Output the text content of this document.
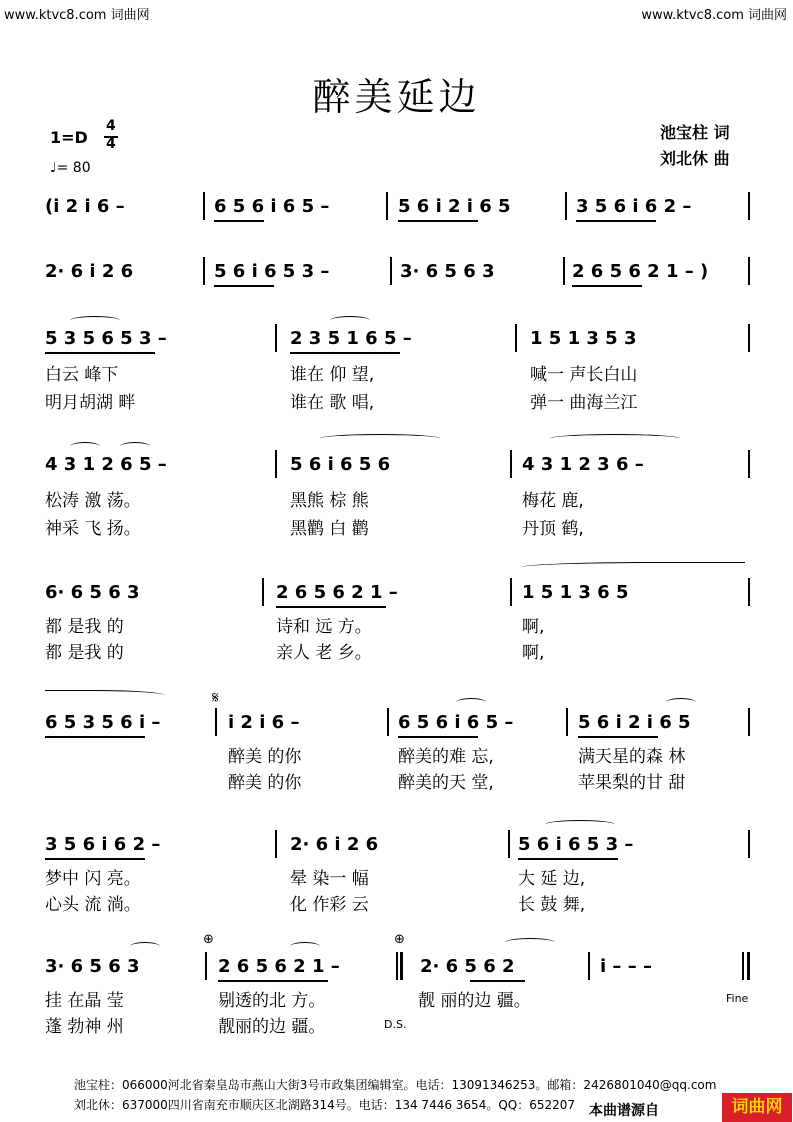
www.ktvc8.com 词曲网	www.ktvc8.com 词曲网
醉美延边
池宝柱 词
刘北休 曲
1=D
4
4
♩= 80
(i 2 i 6 –	6 5 6 i 6 5 –	5 6 i 2 i 6 5	3 5 6 i 6 2 –
2· 6 i 2 6	5 6 i 6 5 3 –	3· 6 5 6 3	2 6 5 6 2 1 – )
5 3 5 6 5 3 –	2 3 5 1 6 5 –	1 5 1 3 5 3
白云 峰下	谁在 仰 望,	喊一 声长白山
明月胡湖 畔	谁在 歌 唱,	弹一 曲海兰江
4 3 1 2 6 5 –	5 6 i 6 5 6	4 3 1 2 3 6 –
松涛 激 荡。	黑熊 棕 熊	梅花 鹿,
神采 飞 扬。	黑鹳 白 鹳	丹顶 鹤,
6· 6 5 6 3	2 6 5 6 2 1 –	1 5 1 3 6 5
都 是我 的	诗和 远 方。	啊,
都 是我 的	亲人 老 乡。	啊,
𝄋
6 5 3 5 6 i –	i 2 i 6 –	6 5 6 i 6 5 –	5 6 i 2 i 6 5
醉美 的你	醉美的难 忘,	满天星的森 林
醉美 的你	醉美的天 堂,	苹果梨的甘 甜
3 5 6 i 6 2 –	2· 6 i 2 6	5 6 i 6 5 3 –
梦中 闪 亮。	晕 染一 幅	大 延 边,
心头 流 淌。	化 作彩 云	长 鼓 舞,
⊕	⊕
3· 6 5 6 3	2 6 5 6 2 1 –	2· 6 5 6 2	i – – –
挂 在晶 莹	剔透的北 方。	靓 丽的边 疆。	Fine
蓬 勃神 州	靓丽的边 疆。	D.S.
池宝柱：066000河北省秦皇岛市燕山大街3号市政集团编辑室。电话：13091346253。邮箱：2426801040@qq.com
刘北休：637000四川省南充市顺庆区北湖路314号。电话：134 7446 3654。QQ：652207 本曲谱源自	词曲网
